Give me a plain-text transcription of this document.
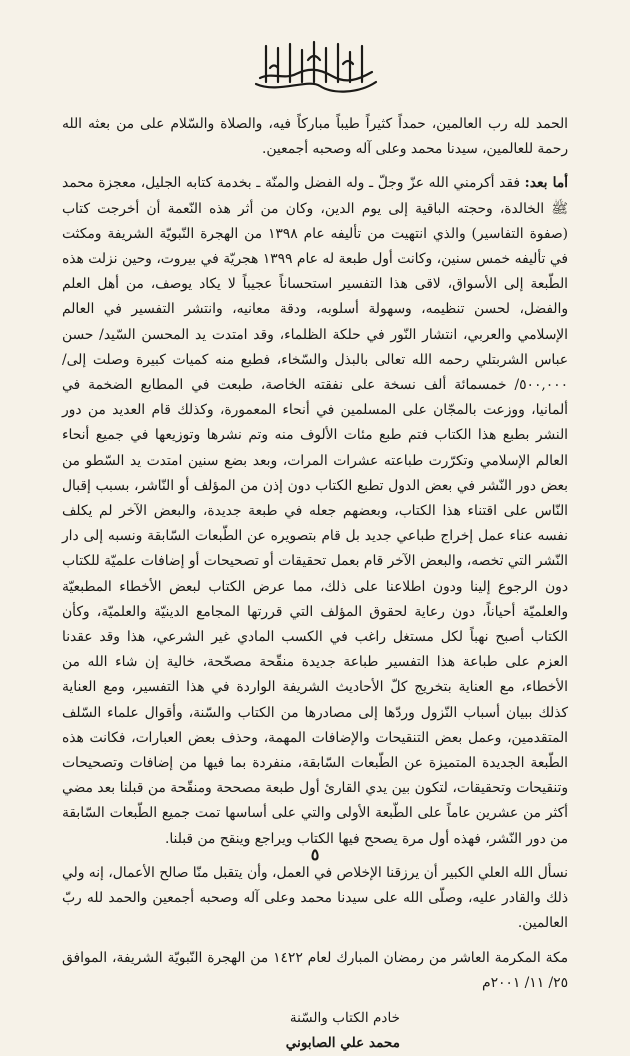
الحمد لله رب العالمين، حمداً كثيراً طيباً مباركاً فيه، والصلاة والسّلام على من بعثه الله رحمة للعالمين، سيدنا محمد وعلى آله وصحبه أجمعين.

أما بعد: فقد أكرمني الله عزّ وجلّ ـ وله الفضل والمنّة ـ بخدمة كتابه الجليل، معجزة محمد ﷺ الخالدة، وحجته الباقية إلى يوم الدين، وكان من أثر هذه النّعمة أن أخرجت كتاب (صفوة التفاسير) والذي انتهيت من تأليفه عام ١٣٩٨ من الهجرة النّبويّة الشريفة ومكثت في تأليفه خمس سنين، وكانت أول طبعة له عام ١٣٩٩ هجريّة في بيروت، وحين نزلت هذه الطّبعة إلى الأسواق، لاقى هذا التفسير استحساناً عجيباً لا يكاد يوصف، من أهل العلم والفضل، لحسن تنظيمه، وسهولة أسلوبه، ودقة معانيه، وانتشر التفسير في العالم الإسلامي والعربي، انتشار النّور في حلكة الظلماء، وقد امتدت يد المحسن السّيد/ حسن عباس الشربتلي رحمه الله تعالى بالبذل والسّخاء، فطبع منه كميات كبيرة وصلت إلى/ ٥٠٠,٠٠٠/ خمسمائة ألف نسخة على نفقته الخاصة، طبعت في المطابع الضخمة في ألمانيا، ووزعت بالمجّان على المسلمين في أنحاء المعمورة، وكذلك قام العديد من دور النشر بطبع هذا الكتاب فتم طبع مئات الألوف منه وتم نشرها وتوزيعها في جميع أنحاء العالم الإسلامي وتكرّرت طباعته عشرات المرات، وبعد بضع سنين امتدت يد السّطو من بعض دور النّشر في بعض الدول تطبع الكتاب دون إذن من المؤلف أو النّاشر، بسبب إقبال النّاس على اقتناء هذا الكتاب، وبعضهم جعله في طبعة جديدة، والبعض الآخر لم يكلف نفسه عناء عمل إخراج طباعي جديد بل قام بتصويره عن الطّبعات السّابقة ونسبه إلى دار النّشر التي تخصه، والبعض الآخر قام بعمل تحقيقات أو تصحيحات أو إضافات علميّة للكتاب دون الرجوع إلينا ودون اطلاعنا على ذلك، مما عرض الكتاب لبعض الأخطاء المطبعيّة والعلميّة أحياناً، دون رعاية لحقوق المؤلف التي قررتها المجامع الدينيّة والعلميّة، وكأن الكتاب أصبح نهباً لكل مستغل راغب في الكسب المادي غير الشرعي، هذا وقد عقدنا العزم على طباعة هذا التفسير طباعة جديدة منقّحة مصحّحة، خالية إن شاء الله من الأخطاء، مع العناية بتخريج كلّ الأحاديث الشريفة الواردة في هذا التفسير، ومع العناية كذلك ببيان أسباب النّزول وردّها إلى مصادرها من الكتاب والسّنة، وأقوال علماء السّلف المتقدمين، وعمل بعض التنقيحات والإضافات المهمة، وحذف بعض العبارات، فكانت هذه الطّبعة الجديدة المتميزة عن الطّبعات السّابقة، منفردة بما فيها من إضافات وتصحيحات وتنقيحات وتحقيقات، لتكون بين يدي القارئ أول طبعة مصححة ومنقّحة من قبلنا بعد مضي أكثر من عشرين عاماً على الطّبعة الأولى والتي على أساسها تمت جميع الطّبعات السّابقة من دور النّشر، فهذه أول مرة يصحح فيها الكتاب ويراجع وينقح من قبلنا.

نسأل الله العلي الكبير أن يرزقنا الإخلاص في العمل، وأن يتقبل منّا صالح الأعمال، إنه ولي ذلك والقادر عليه، وصلّى الله على سيدنا محمد وعلى آله وصحبه أجمعين والحمد لله ربّ العالمين.

مكة المكرمة العاشر من رمضان المبارك لعام ١٤٢٢ من الهجرة النّبويّة الشريفة، الموافق ٢٥/ ١١/ ٢٠٠١م

خادم الكتاب والسّنة
محمد علي الصابوني
٥
